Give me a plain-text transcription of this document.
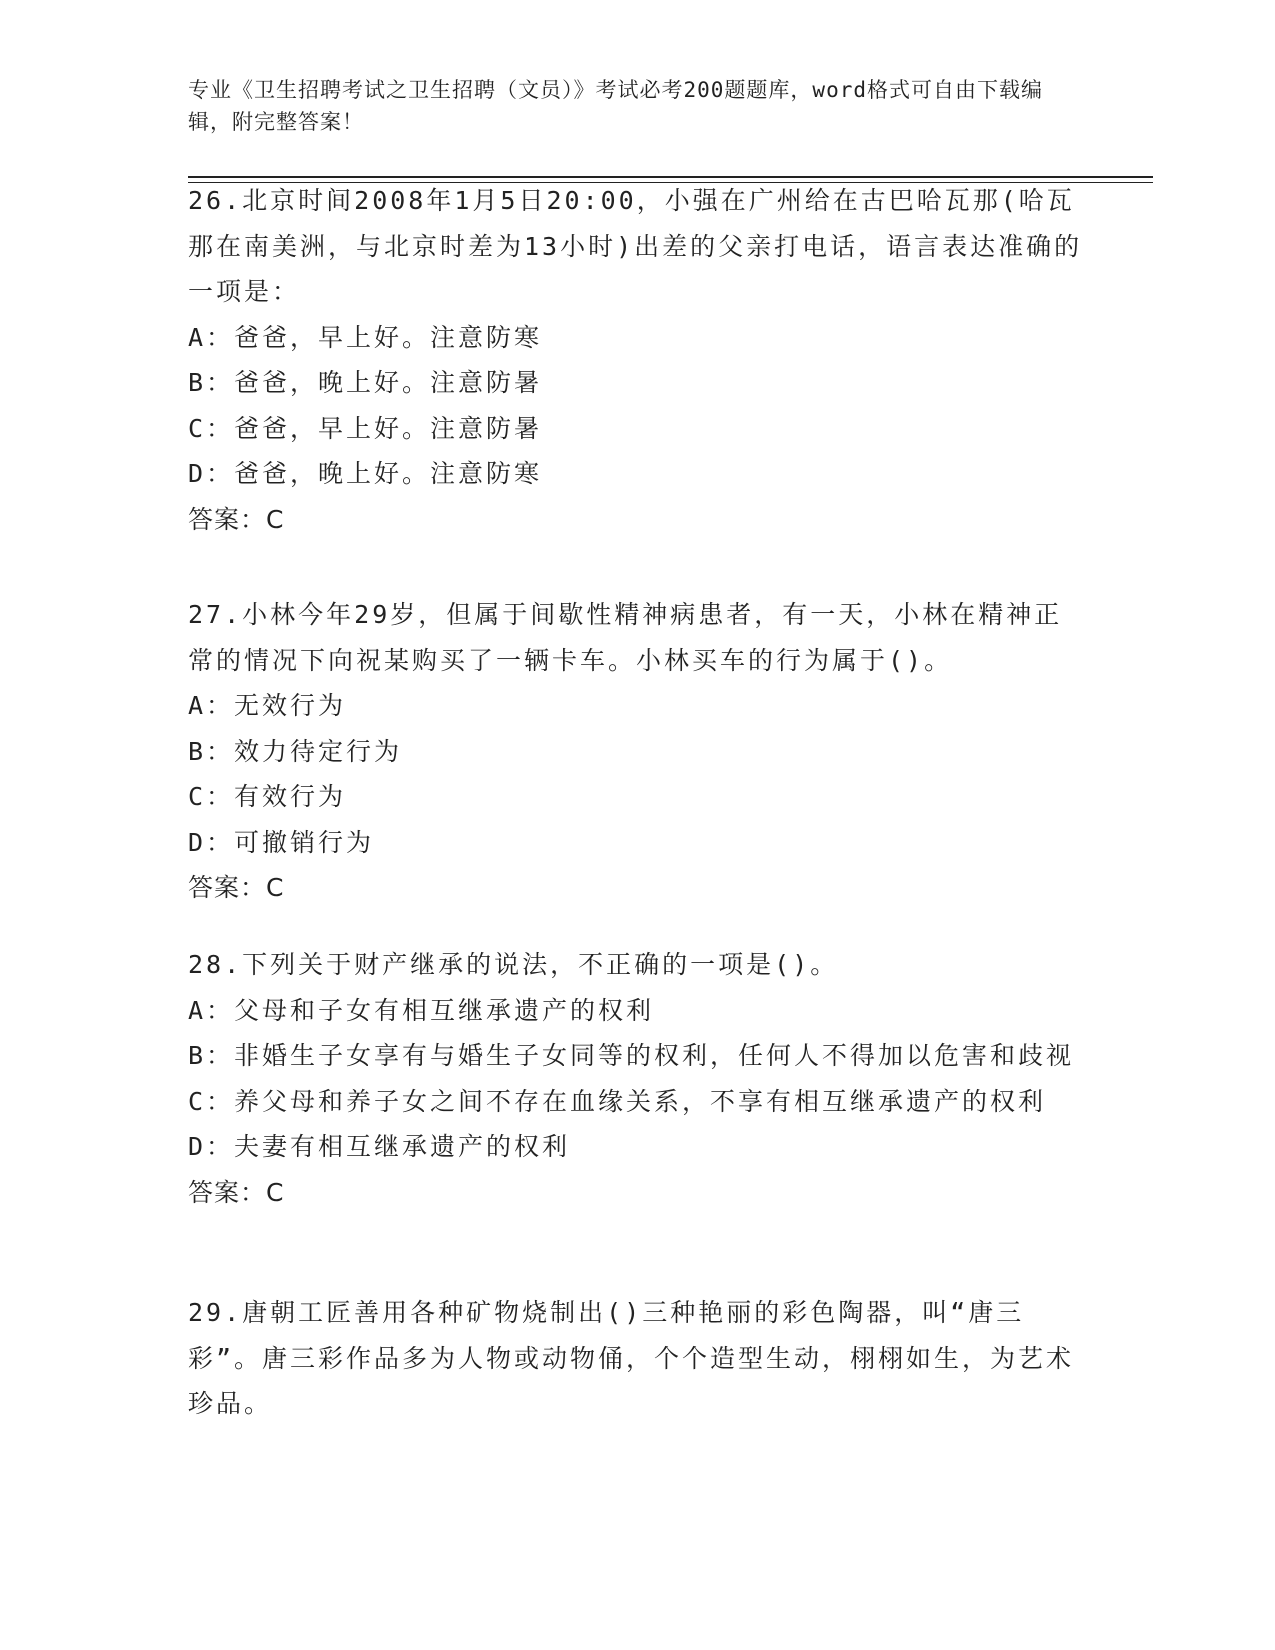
专业《卫生招聘考试之卫生招聘（文员）》考试必考200题题库，word格式可自由下载编辑，附完整答案！

26.北京时间2008年1月5日20:00，小强在广州给在古巴哈瓦那(哈瓦那在南美洲，与北京时差为13小时)出差的父亲打电话，语言表达准确的一项是：

A：爸爸，早上好。注意防寒

B：爸爸，晚上好。注意防暑

C：爸爸，早上好。注意防暑

D：爸爸，晚上好。注意防寒

答案：C

27.小林今年29岁，但属于间歇性精神病患者，有一天，小林在精神正常的情况下向祝某购买了一辆卡车。小林买车的行为属于()。

A：无效行为

B：效力待定行为

C：有效行为

D：可撤销行为

答案：C

28.下列关于财产继承的说法，不正确的一项是()。

A：父母和子女有相互继承遗产的权利

B：非婚生子女享有与婚生子女同等的权利，任何人不得加以危害和歧视

C：养父母和养子女之间不存在血缘关系，不享有相互继承遗产的权利

D：夫妻有相互继承遗产的权利

答案：C

29.唐朝工匠善用各种矿物烧制出()三种艳丽的彩色陶器，叫“唐三彩”。唐三彩作品多为人物或动物俑，个个造型生动，栩栩如生，为艺术珍品。
